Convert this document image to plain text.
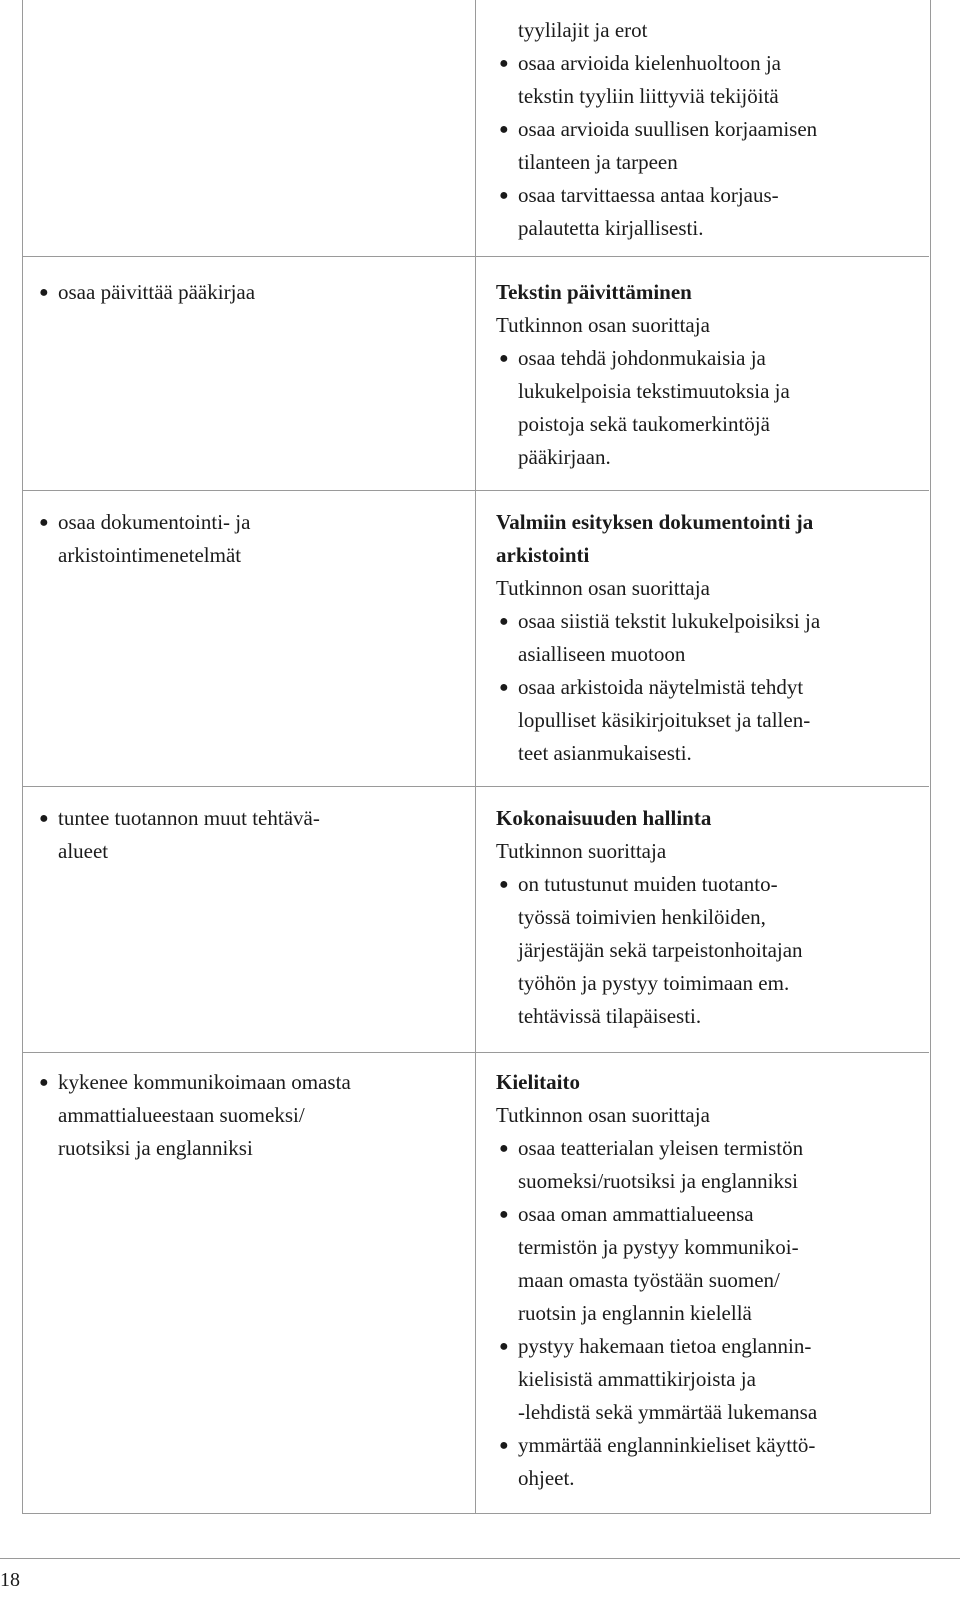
tyylilajit ja erot
● osaa arvioida kielenhuoltoon ja
tekstin tyyliin liittyviä tekijöitä
● osaa arvioida suullisen korjaamisen
tilanteen ja tarpeen
● osaa tarvittaessa antaa korjaus-
palautetta kirjallisesti.
● osaa päivittää pääkirjaa	Tekstin päivittäminen
Tutkinnon osan suorittaja
● osaa tehdä johdonmukaisia ja
lukukelpoisia tekstimuutoksia ja
poistoja sekä taukomerkintöjä
pääkirjaan.
● osaa dokumentointi- ja
arkistointimenetelmät
Valmiin esityksen dokumentointi ja
arkistointi
Tutkinnon osan suorittaja
● osaa siistiä tekstit lukukelpoisiksi ja
asialliseen muotoon
● osaa arkistoida näytelmistä tehdyt
lopulliset käsikirjoitukset ja tallen-
teet asianmukaisesti.
● tuntee tuotannon muut tehtävä-
alueet
Kokonaisuuden hallinta
Tutkinnon suorittaja
● on tutustunut muiden tuotanto-
työssä toimivien henkilöiden,
järjestäjän sekä tarpeistonhoitajan
työhön ja pystyy toimimaan em.
tehtävissä tilapäisesti.
● kykenee kommunikoimaan omasta
ammattialueestaan suomeksi/
ruotsiksi ja englanniksi
Kielitaito
Tutkinnon osan suorittaja
● osaa teatterialan yleisen termistön
suomeksi/ruotsiksi ja englanniksi
● osaa oman ammattialueensa
termistön ja pystyy kommunikoi-
maan omasta työstään suomen/
ruotsin ja englannin kielellä
● pystyy hakemaan tietoa englannin-
kielisistä ammattikirjoista ja
-lehdistä sekä ymmärtää lukemansa
● ymmärtää englanninkieliset käyttö-
ohjeet.
18
